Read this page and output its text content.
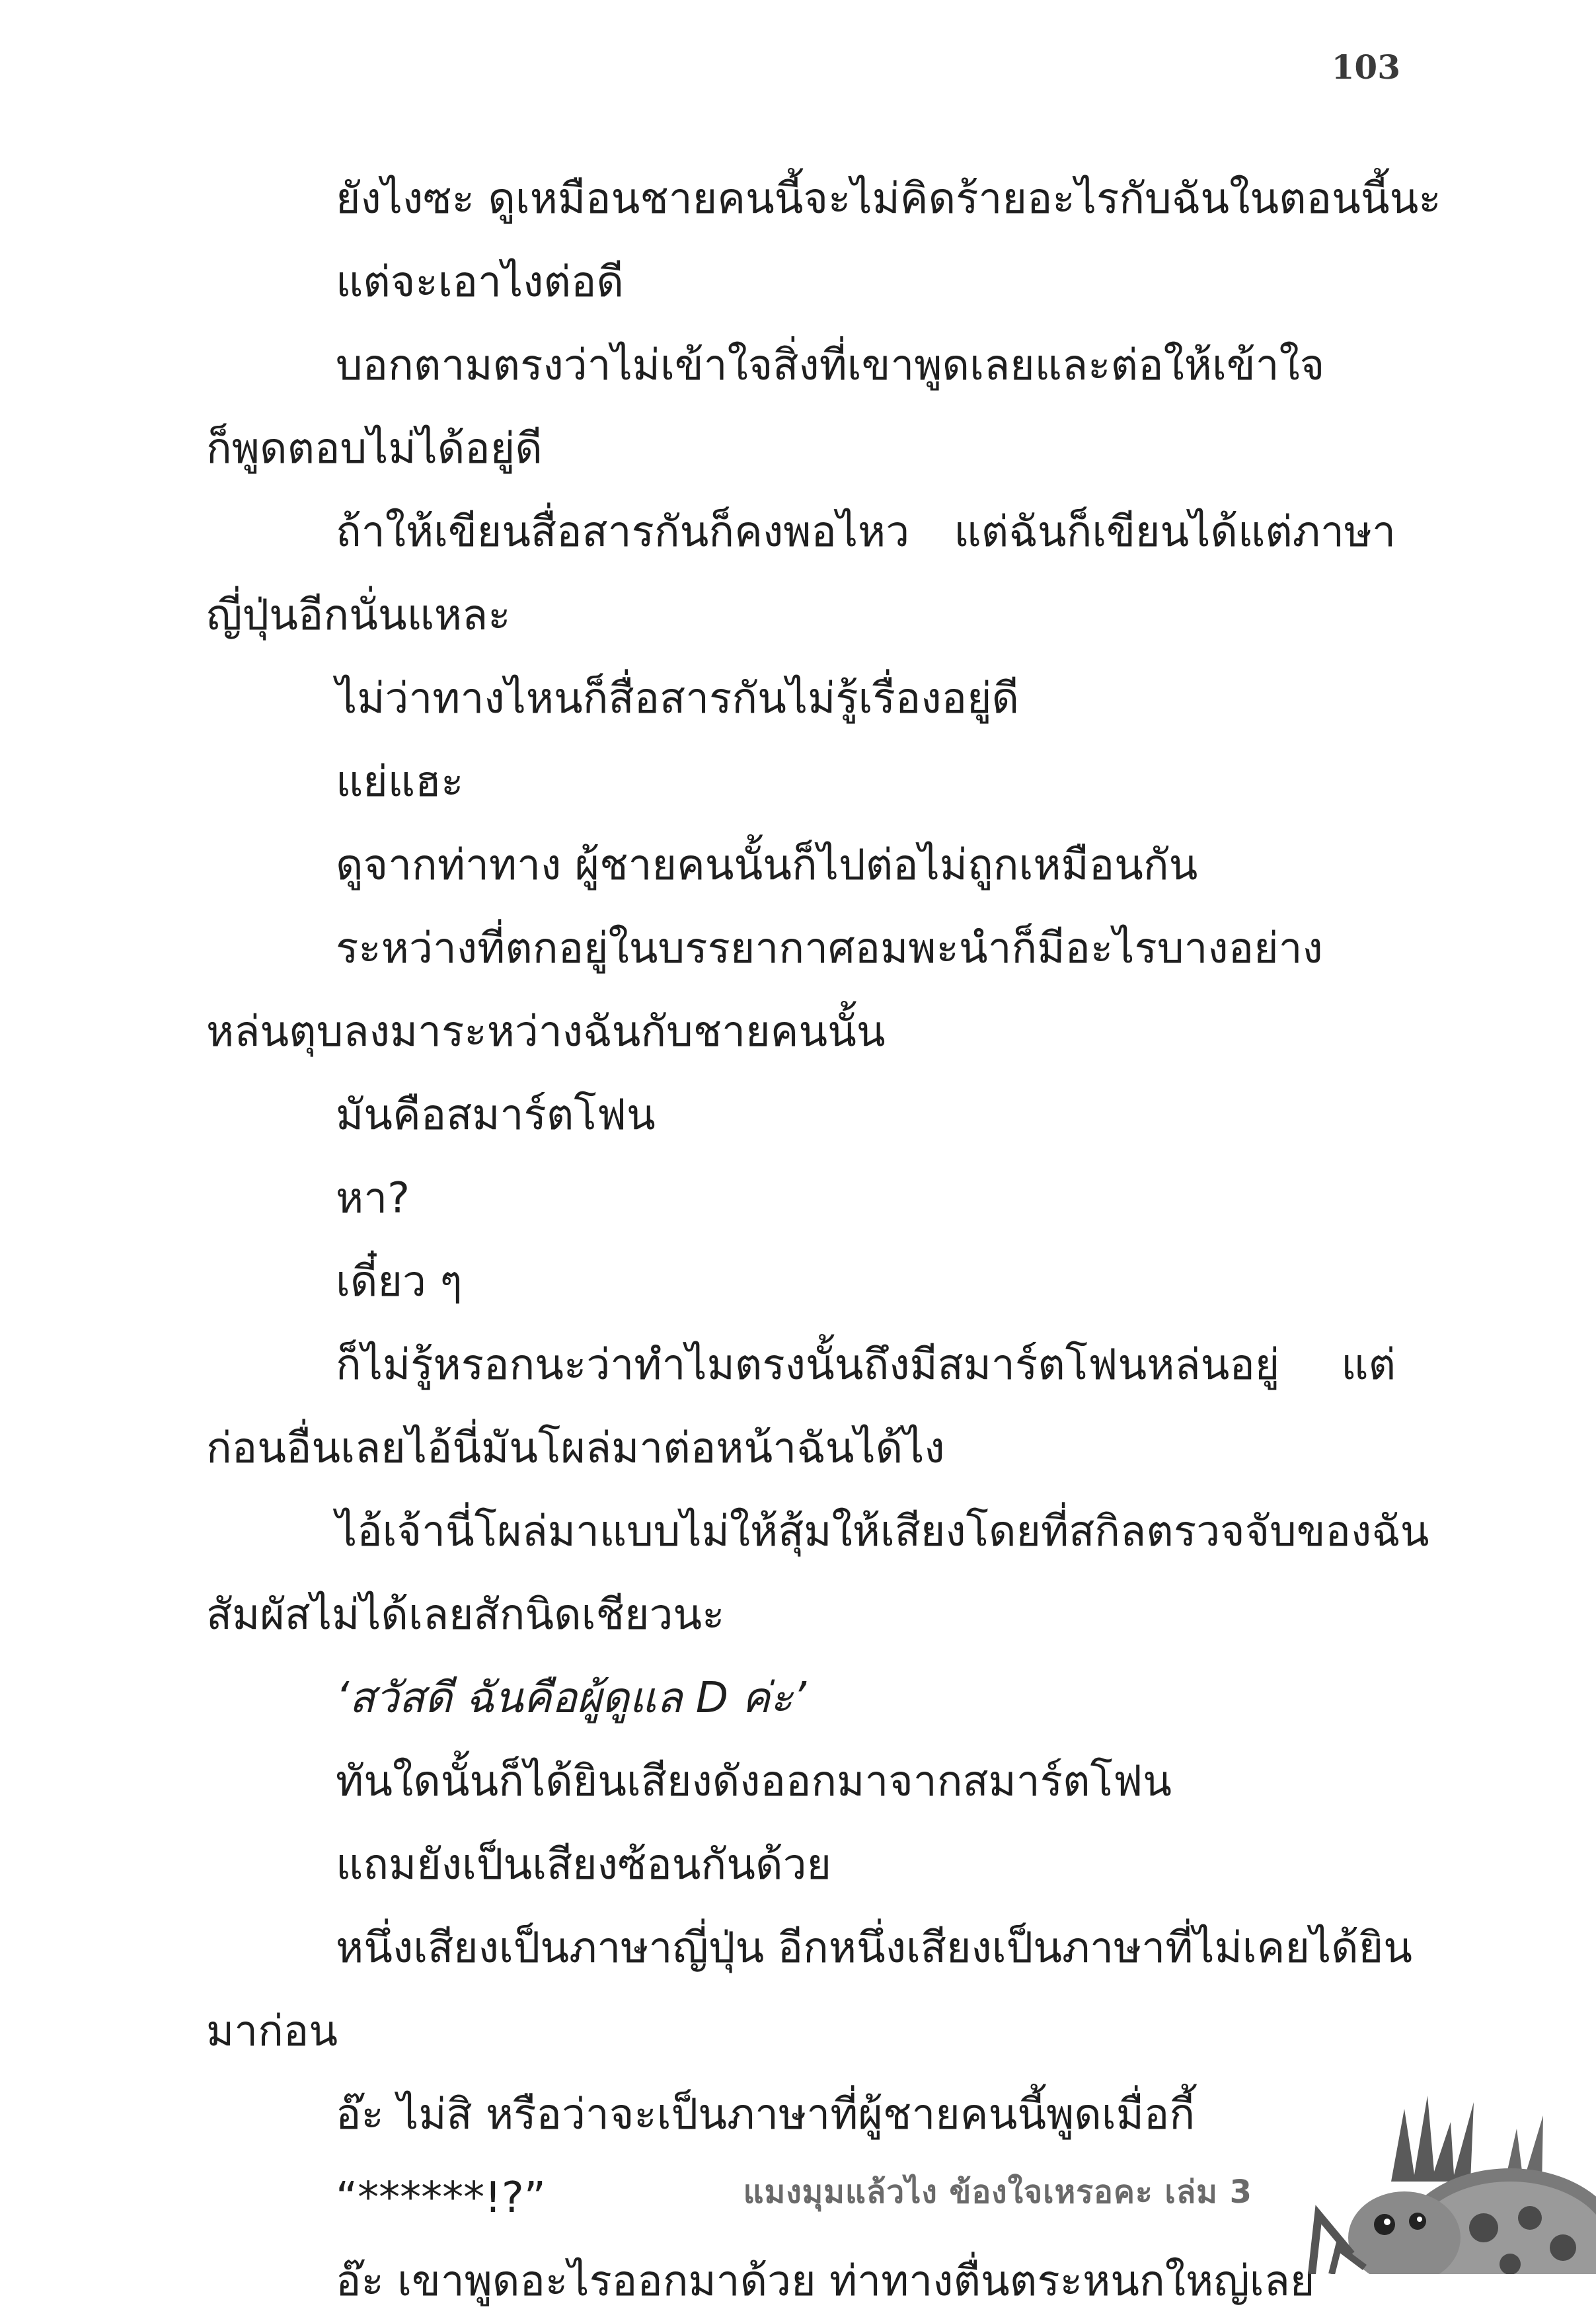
103

ยังไงซะ ดูเหมือนชายคนนี้จะไม่คิดร้ายอะไรกับฉันในตอนนี้นะ

แต่จะเอาไงต่อดี

บอกตามตรงว่าไม่เข้าใจสิ่งที่เขาพูดเลยและต่อให้เข้าใจ
ก็พูดตอบไม่ได้อยู่ดี

ถ้าให้เขียนสื่อสารกันก็คงพอไหว แต่ฉันก็เขียนได้แต่ภาษา
ญี่ปุ่นอีกนั่นแหละ

ไม่ว่าทางไหนก็สื่อสารกันไม่รู้เรื่องอยู่ดี

แย่แฮะ

ดูจากท่าทาง ผู้ชายคนนั้นก็ไปต่อไม่ถูกเหมือนกัน

ระหว่างที่ตกอยู่ในบรรยากาศอมพะนำก็มีอะไรบางอย่าง
หล่นตุบลงมาระหว่างฉันกับชายคนนั้น

มันคือสมาร์ตโฟน

หา?

เดี๋ยว ๆ

ก็ไม่รู้หรอกนะว่าทำไมตรงนั้นถึงมีสมาร์ตโฟนหล่นอยู่ แต่
ก่อนอื่นเลยไอ้นี่มันโผล่มาต่อหน้าฉันได้ไง

ไอ้เจ้านี่โผล่มาแบบไม่ให้สุ้มให้เสียงโดยที่สกิลตรวจจับของฉัน
สัมผัสไม่ได้เลยสักนิดเชียวนะ

‘สวัสดี ฉันคือผู้ดูแล D ค่ะ’

ทันใดนั้นก็ได้ยินเสียงดังออกมาจากสมาร์ตโฟน

แถมยังเป็นเสียงซ้อนกันด้วย

หนึ่งเสียงเป็นภาษาญี่ปุ่น อีกหนึ่งเสียงเป็นภาษาที่ไม่เคยได้ยิน
มาก่อน

อ๊ะ ไม่สิ หรือว่าจะเป็นภาษาที่ผู้ชายคนนี้พูดเมื่อกี้

“******!?”

อ๊ะ เขาพูดอะไรออกมาด้วย ท่าทางตื่นตระหนกใหญ่เลย

แมงมุมแล้วไง ข้องใจเหรอคะ เล่ม 3
